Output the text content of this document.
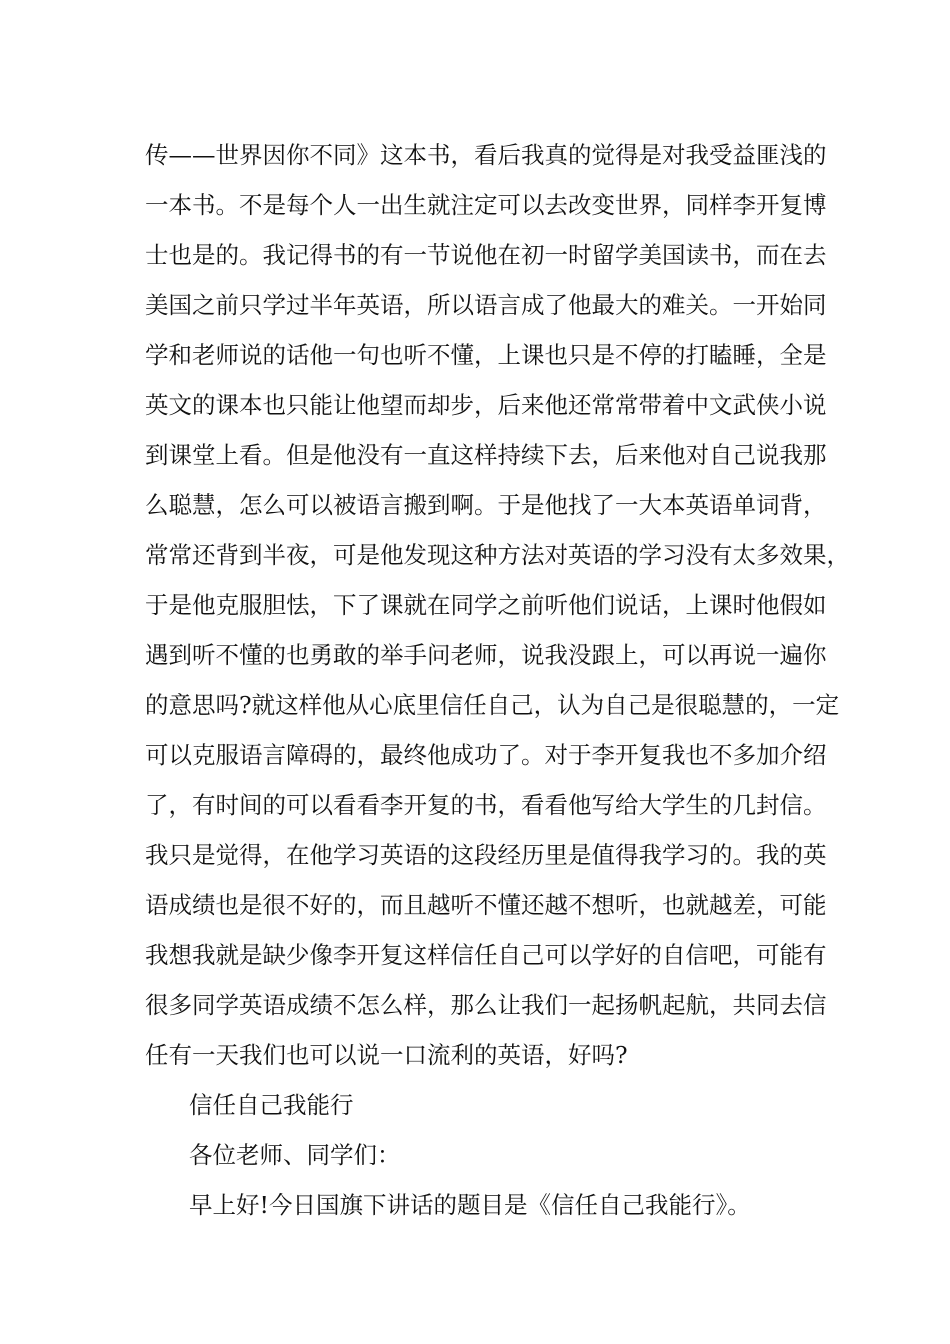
传——世界因你不同》这本书，看后我真的觉得是对我受益匪浅的
一本书。不是每个人一出生就注定可以去改变世界，同样李开复博
士也是的。我记得书的有一节说他在初一时留学美国读书，而在去
美国之前只学过半年英语，所以语言成了他最大的难关。一开始同
学和老师说的话他一句也听不懂，上课也只是不停的打瞌睡，全是
英文的课本也只能让他望而却步，后来他还常常带着中文武侠小说
到课堂上看。但是他没有一直这样持续下去，后来他对自己说我那
么聪慧，怎么可以被语言搬到啊。于是他找了一大本英语单词背，
常常还背到半夜，可是他发现这种方法对英语的学习没有太多效果，
于是他克服胆怯，下了课就在同学之前听他们说话，上课时他假如
遇到听不懂的也勇敢的举手问老师，说我没跟上，可以再说一遍你
的意思吗?就这样他从心底里信任自己，认为自己是很聪慧的，一定
可以克服语言障碍的，最终他成功了。对于李开复我也不多加介绍
了，有时间的可以看看李开复的书，看看他写给大学生的几封信。
我只是觉得，在他学习英语的这段经历里是值得我学习的。我的英
语成绩也是很不好的，而且越听不懂还越不想听，也就越差，可能
我想我就是缺少像李开复这样信任自己可以学好的自信吧，可能有
很多同学英语成绩不怎么样，那么让我们一起扬帆起航，共同去信
任有一天我们也可以说一口流利的英语，好吗?
信任自己我能行
各位老师、同学们：
早上好!今日国旗下讲话的题目是《信任自己我能行》。
